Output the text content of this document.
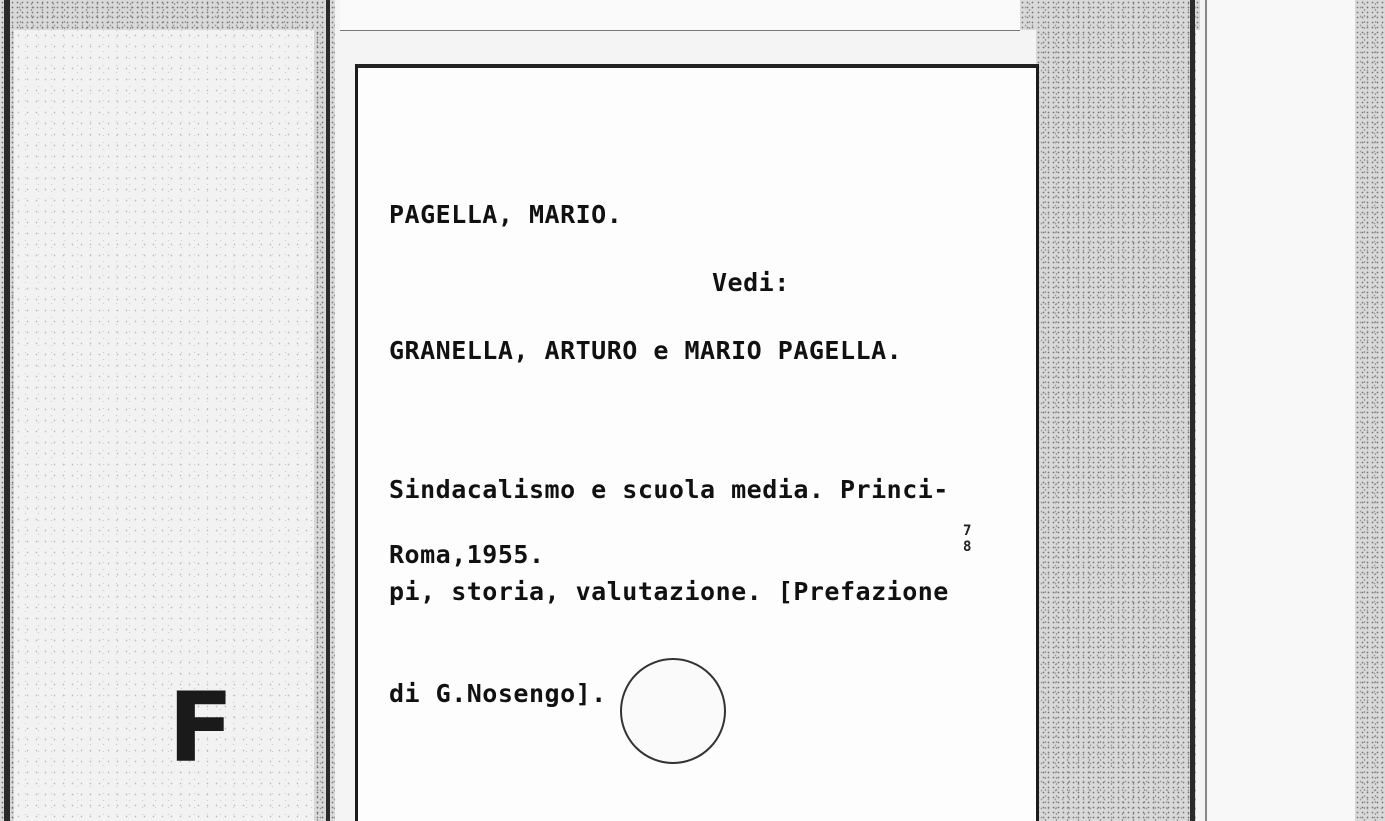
F
PAGELLA, MARIO.
Vedi:
GRANELLA, ARTURO e MARIO PAGELLA.

Sindacalismo e scuola media. Princi-

pi, storia, valutazione. [Prefazione

di G.Nosengo].

Roma,1955.
7
8
